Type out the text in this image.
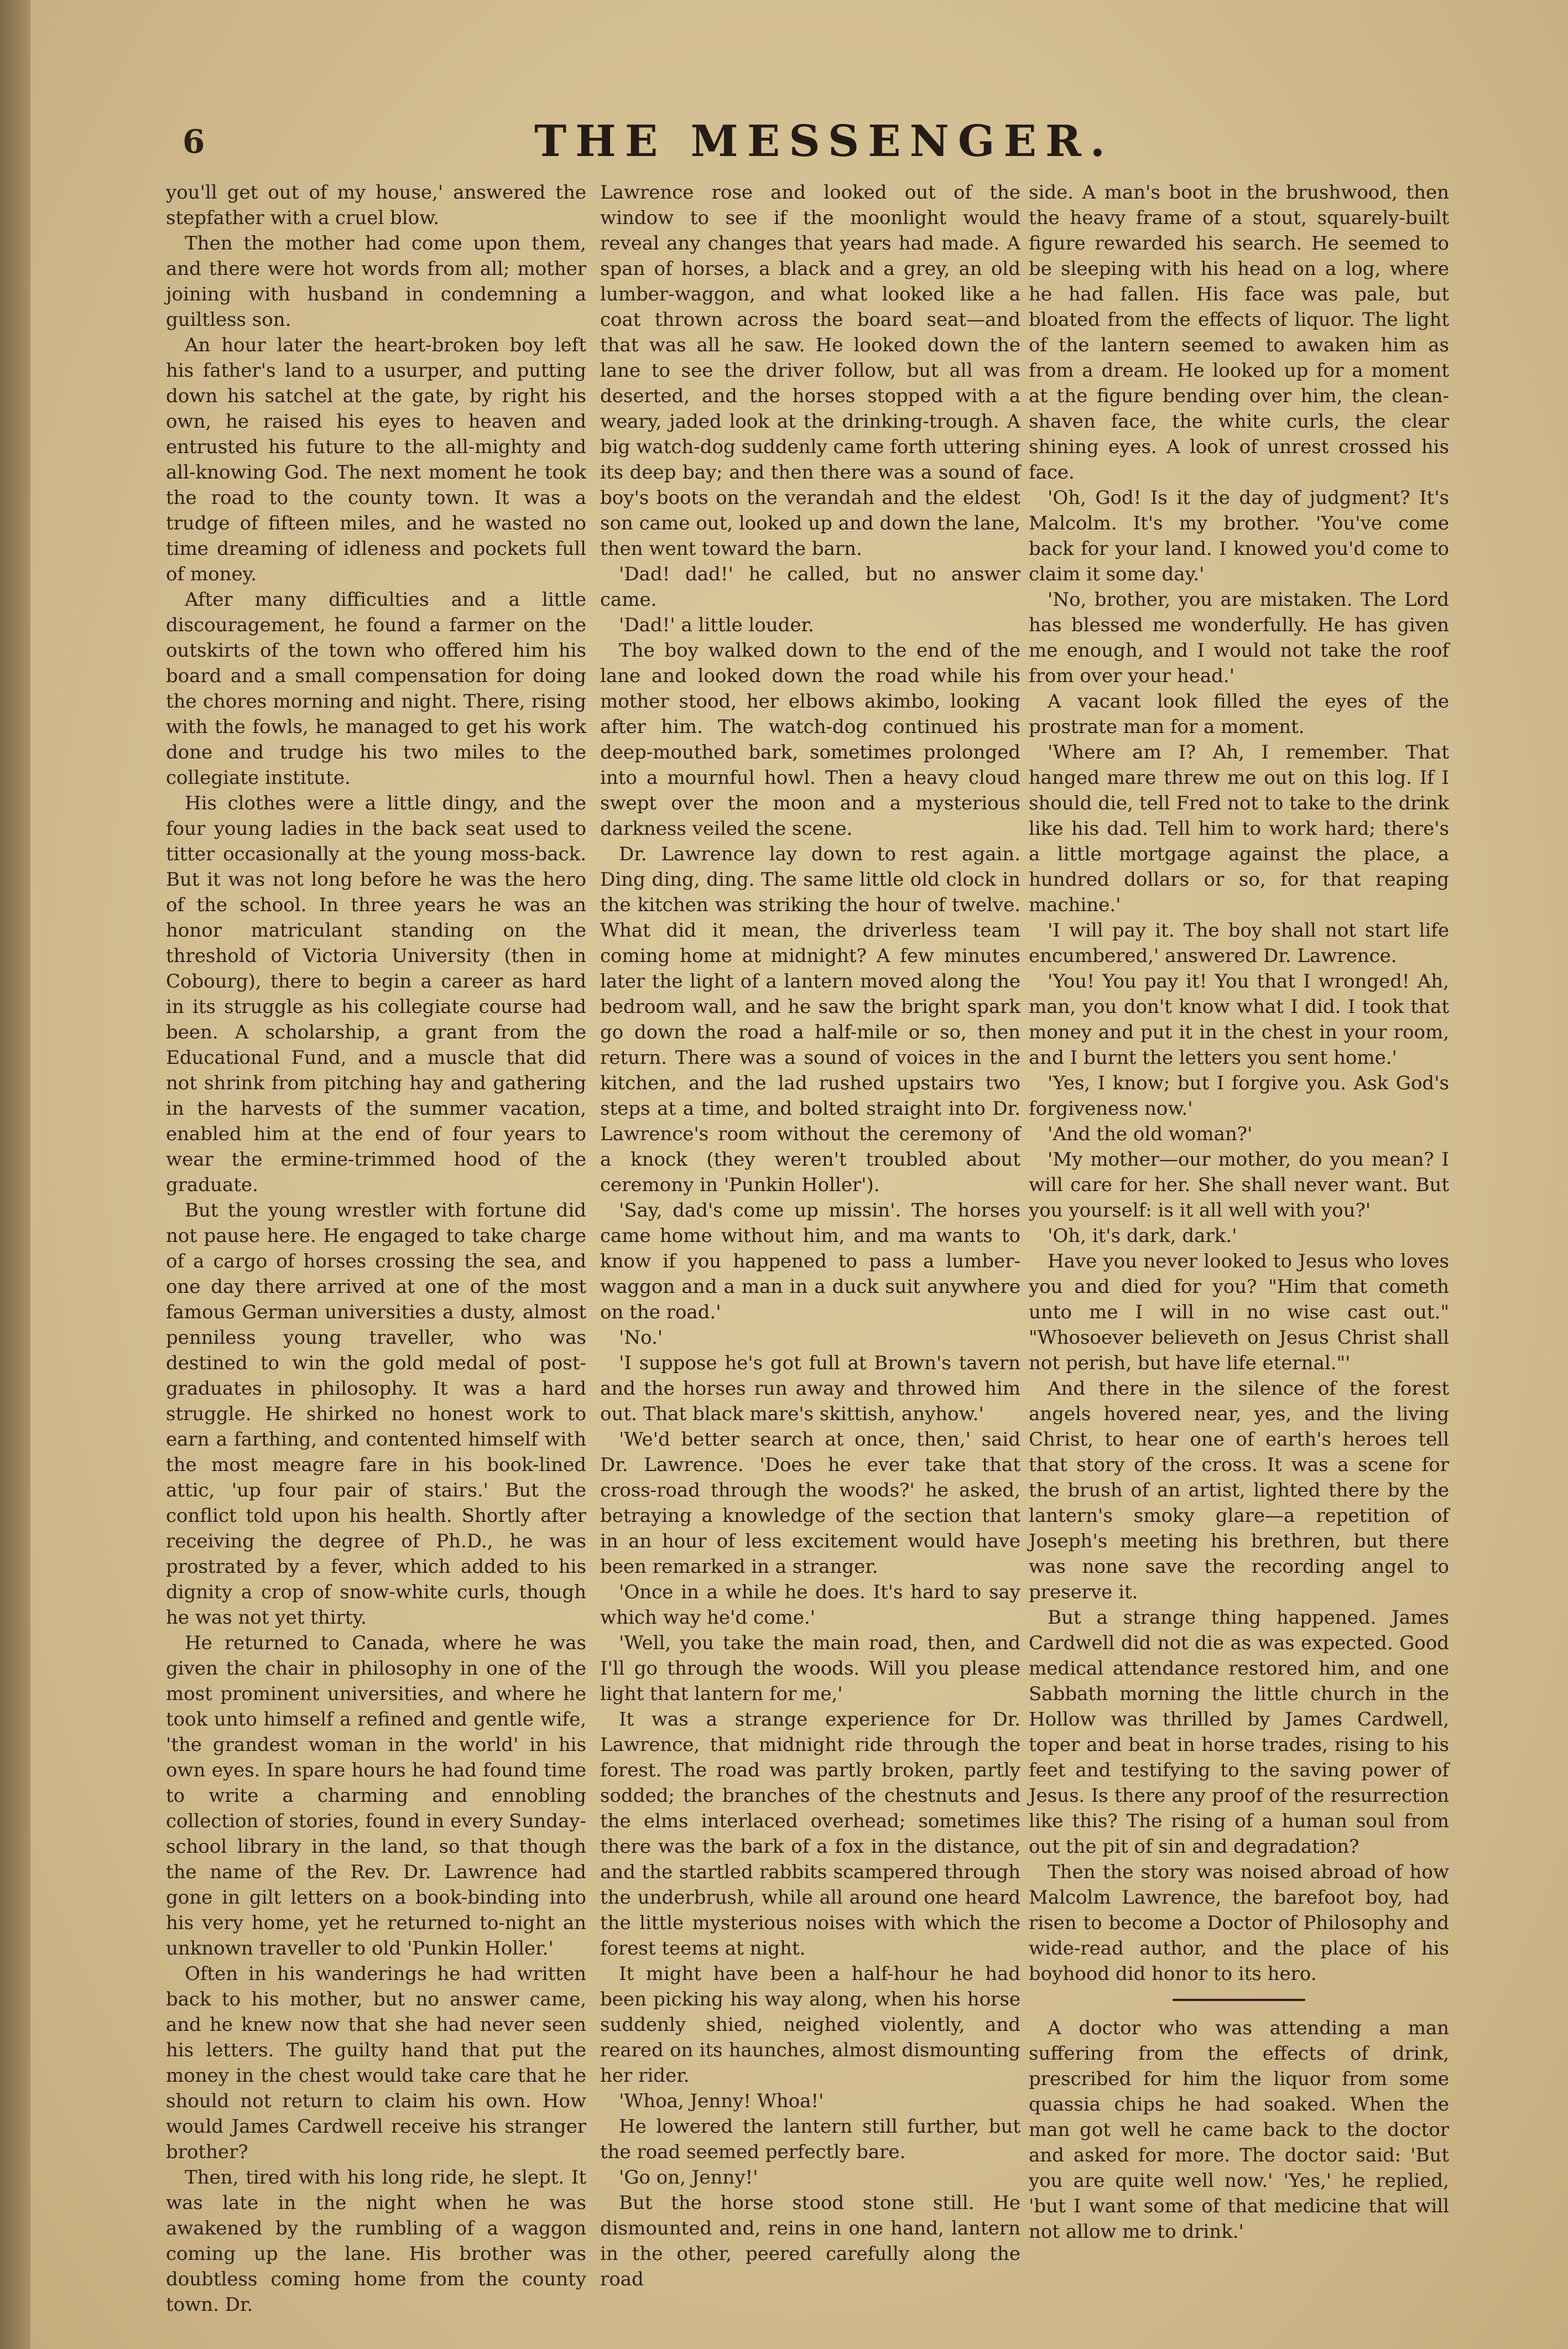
6	THE MESSENGER.

you'll get out of my house,' answered the stepfather with a cruel blow.

Then the mother had come upon them, and there were hot words from all; mother joining with husband in condemning a guiltless son.

An hour later the heart-broken boy left his father's land to a usurper, and putting down his satchel at the gate, by right his own, he raised his eyes to heaven and entrusted his future to the all-mighty and all-knowing God. The next moment he took the road to the county town. It was a trudge of fifteen miles, and he wasted no time dreaming of idleness and pockets full of money.

After many difficulties and a little discouragement, he found a farmer on the outskirts of the town who offered him his board and a small compensation for doing the chores morning and night. There, rising with the fowls, he managed to get his work done and trudge his two miles to the collegiate institute.

His clothes were a little dingy, and the four young ladies in the back seat used to titter occasionally at the young moss-back. But it was not long before he was the hero of the school. In three years he was an honor matriculant standing on the threshold of Victoria University (then in Cobourg), there to begin a career as hard in its struggle as his collegiate course had been. A scholarship, a grant from the Educational Fund, and a muscle that did not shrink from pitching hay and gathering in the harvests of the summer vacation, enabled him at the end of four years to wear the ermine-trimmed hood of the graduate.

But the young wrestler with fortune did not pause here. He engaged to take charge of a cargo of horses crossing the sea, and one day there arrived at one of the most famous German universities a dusty, almost penniless young traveller, who was destined to win the gold medal of post-graduates in philosophy. It was a hard struggle. He shirked no honest work to earn a farthing, and contented himself with the most meagre fare in his book-lined attic, 'up four pair of stairs.' But the conflict told upon his health. Shortly after receiving the degree of Ph.D., he was prostrated by a fever, which added to his dignity a crop of snow-white curls, though he was not yet thirty.

He returned to Canada, where he was given the chair in philosophy in one of the most prominent universities, and where he took unto himself a refined and gentle wife, 'the grandest woman in the world' in his own eyes. In spare hours he had found time to write a charming and ennobling collection of stories, found in every Sunday-school library in the land, so that though the name of the Rev. Dr. Lawrence had gone in gilt letters on a book-binding into his very home, yet he returned to-night an unknown traveller to old 'Punkin Holler.'

Often in his wanderings he had written back to his mother, but no answer came, and he knew now that she had never seen his letters. The guilty hand that put the money in the chest would take care that he should not return to claim his own. How would James Cardwell receive his stranger brother?

Then, tired with his long ride, he slept. It was late in the night when he was awakened by the rumbling of a waggon coming up the lane. His brother was doubtless coming home from the county town. Dr.

Lawrence rose and looked out of the window to see if the moonlight would reveal any changes that years had made. A span of horses, a black and a grey, an old lumber-waggon, and what looked like a coat thrown across the board seat—and that was all he saw. He looked down the lane to see the driver follow, but all was deserted, and the horses stopped with a weary, jaded look at the drinking-trough. A big watch-dog suddenly came forth uttering its deep bay; and then there was a sound of boy's boots on the verandah and the eldest son came out, looked up and down the lane, then went toward the barn.

'Dad! dad!' he called, but no answer came.

'Dad!' a little louder.

The boy walked down to the end of the lane and looked down the road while his mother stood, her elbows akimbo, looking after him. The watch-dog continued his deep-mouthed bark, sometimes prolonged into a mournful howl. Then a heavy cloud swept over the moon and a mysterious darkness veiled the scene.

Dr. Lawrence lay down to rest again. Ding ding, ding. The same little old clock in the kitchen was striking the hour of twelve. What did it mean, the driverless team coming home at midnight? A few minutes later the light of a lantern moved along the bedroom wall, and he saw the bright spark go down the road a half-mile or so, then return. There was a sound of voices in the kitchen, and the lad rushed upstairs two steps at a time, and bolted straight into Dr. Lawrence's room without the ceremony of a knock (they weren't troubled about ceremony in 'Punkin Holler').

'Say, dad's come up missin'. The horses came home without him, and ma wants to know if you happened to pass a lumber-waggon and a man in a duck suit anywhere on the road.'

'No.'

'I suppose he's got full at Brown's tavern and the horses run away and throwed him out. That black mare's skittish, anyhow.'

'We'd better search at once, then,' said Dr. Lawrence. 'Does he ever take that cross-road through the woods?' he asked, betraying a knowledge of the section that in an hour of less excitement would have been remarked in a stranger.

'Once in a while he does. It's hard to say which way he'd come.'

'Well, you take the main road, then, and I'll go through the woods. Will you please light that lantern for me,'

It was a strange experience for Dr. Lawrence, that midnight ride through the forest. The road was partly broken, partly sodded; the branches of the chestnuts and the elms interlaced overhead; sometimes there was the bark of a fox in the distance, and the startled rabbits scampered through the underbrush, while all around one heard the little mysterious noises with which the forest teems at night.

It might have been a half-hour he had been picking his way along, when his horse suddenly shied, neighed violently, and reared on its haunches, almost dismounting her rider.

'Whoa, Jenny! Whoa!'

He lowered the lantern still further, but the road seemed perfectly bare.

'Go on, Jenny!'

But the horse stood stone still. He dismounted and, reins in one hand, lantern in the other, peered carefully along the road

side. A man's boot in the brushwood, then the heavy frame of a stout, squarely-built figure rewarded his search. He seemed to be sleeping with his head on a log, where he had fallen. His face was pale, but bloated from the effects of liquor. The light of the lantern seemed to awaken him as from a dream. He looked up for a moment at the figure bending over him, the clean-shaven face, the white curls, the clear shining eyes. A look of unrest crossed his face.

'Oh, God! Is it the day of judgment? It's Malcolm. It's my brother. 'You've come back for your land. I knowed you'd come to claim it some day.'

'No, brother, you are mistaken. The Lord has blessed me wonderfully. He has given me enough, and I would not take the roof from over your head.'

A vacant look filled the eyes of the prostrate man for a moment.

'Where am I? Ah, I remember. That hanged mare threw me out on this log. If I should die, tell Fred not to take to the drink like his dad. Tell him to work hard; there's a little mortgage against the place, a hundred dollars or so, for that reaping machine.'

'I will pay it. The boy shall not start life encumbered,' answered Dr. Lawrence.

'You! You pay it! You that I wronged! Ah, man, you don't know what I did. I took that money and put it in the chest in your room, and I burnt the letters you sent home.'

'Yes, I know; but I forgive you. Ask God's forgiveness now.'

'And the old woman?'

'My mother—our mother, do you mean? I will care for her. She shall never want. But you yourself: is it all well with you?'

'Oh, it's dark, dark.'

Have you never looked to Jesus who loves you and died for you? "Him that cometh unto me I will in no wise cast out." "Whosoever believeth on Jesus Christ shall not perish, but have life eternal."'

And there in the silence of the forest angels hovered near, yes, and the living Christ, to hear one of earth's heroes tell that story of the cross. It was a scene for the brush of an artist, lighted there by the lantern's smoky glare—a repetition of Joseph's meeting his brethren, but there was none save the recording angel to preserve it.

But a strange thing happened. James Cardwell did not die as was expected. Good medical attendance restored him, and one Sabbath morning the little church in the Hollow was thrilled by James Cardwell, toper and beat in horse trades, rising to his feet and testifying to the saving power of Jesus. Is there any proof of the resurrection like this? The rising of a human soul from out the pit of sin and degradation?

Then the story was noised abroad of how Malcolm Lawrence, the barefoot boy, had risen to become a Doctor of Philosophy and wide-read author, and the place of his boyhood did honor to its hero.

A doctor who was attending a man suffering from the effects of drink, prescribed for him the liquor from some quassia chips he had soaked. When the man got well he came back to the doctor and asked for more. The doctor said: 'But you are quite well now.' 'Yes,' he replied, 'but I want some of that medicine that will not allow me to drink.'
